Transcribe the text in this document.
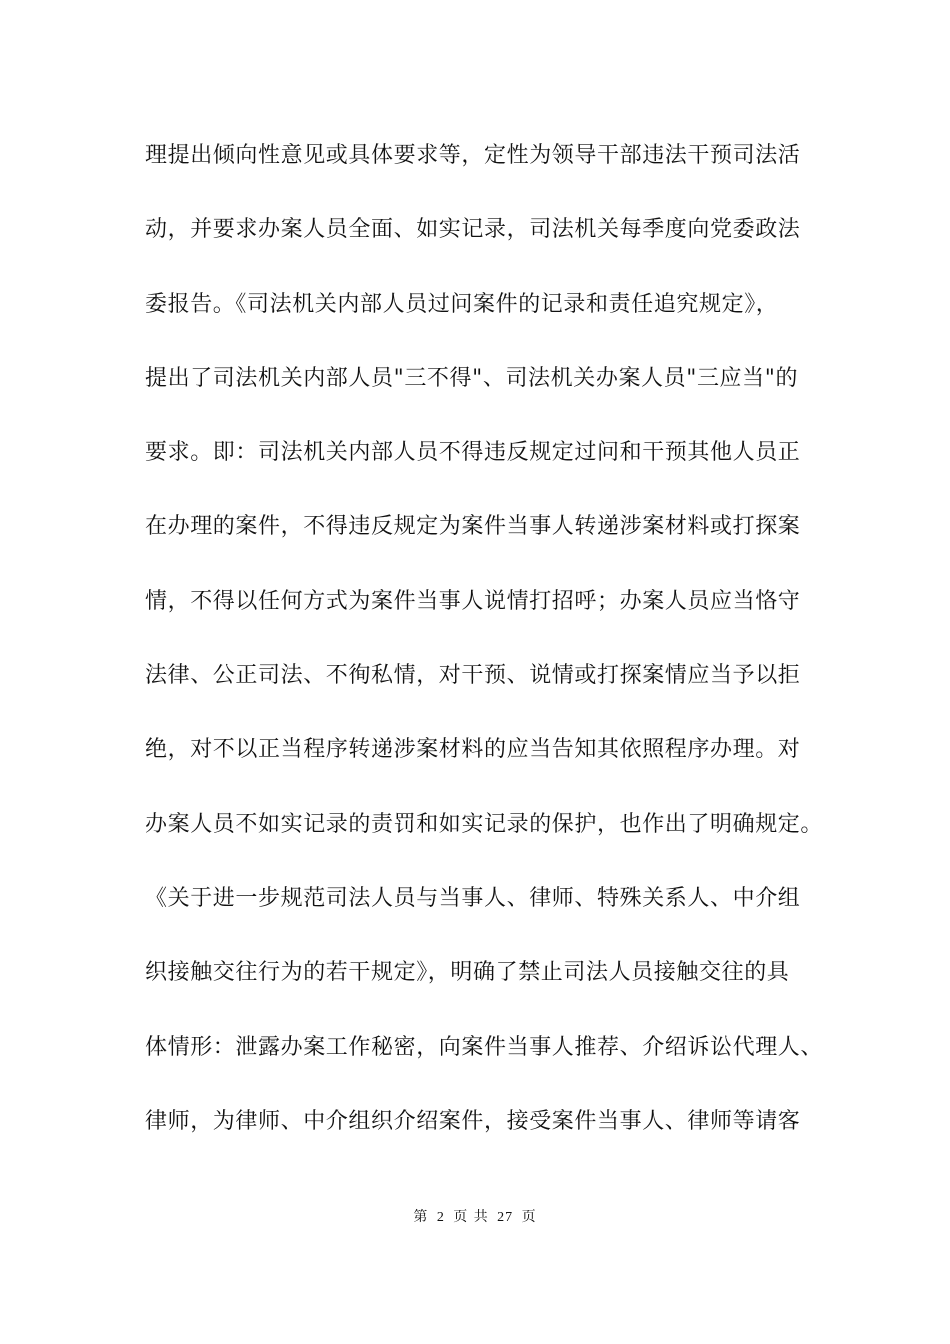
理提出倾向性意见或具体要求等，定性为领导干部违法干预司法活
动，并要求办案人员全面、如实记录，司法机关每季度向党委政法
委报告。《司法机关内部人员过问案件的记录和责任追究规定》，
提出了司法机关内部人员"三不得"、司法机关办案人员"三应当"的
要求。即：司法机关内部人员不得违反规定过问和干预其他人员正
在办理的案件，不得违反规定为案件当事人转递涉案材料或打探案
情，不得以任何方式为案件当事人说情打招呼；办案人员应当恪守
法律、公正司法、不徇私情，对干预、说情或打探案情应当予以拒
绝，对不以正当程序转递涉案材料的应当告知其依照程序办理。对
办案人员不如实记录的责罚和如实记录的保护，也作出了明确规定。
《关于进一步规范司法人员与当事人、律师、特殊关系人、中介组
织接触交往行为的若干规定》，明确了禁止司法人员接触交往的具
体情形：泄露办案工作秘密，向案件当事人推荐、介绍诉讼代理人、
律师，为律师、中介组织介绍案件，接受案件当事人、律师等请客
第 2 页 共 27 页
